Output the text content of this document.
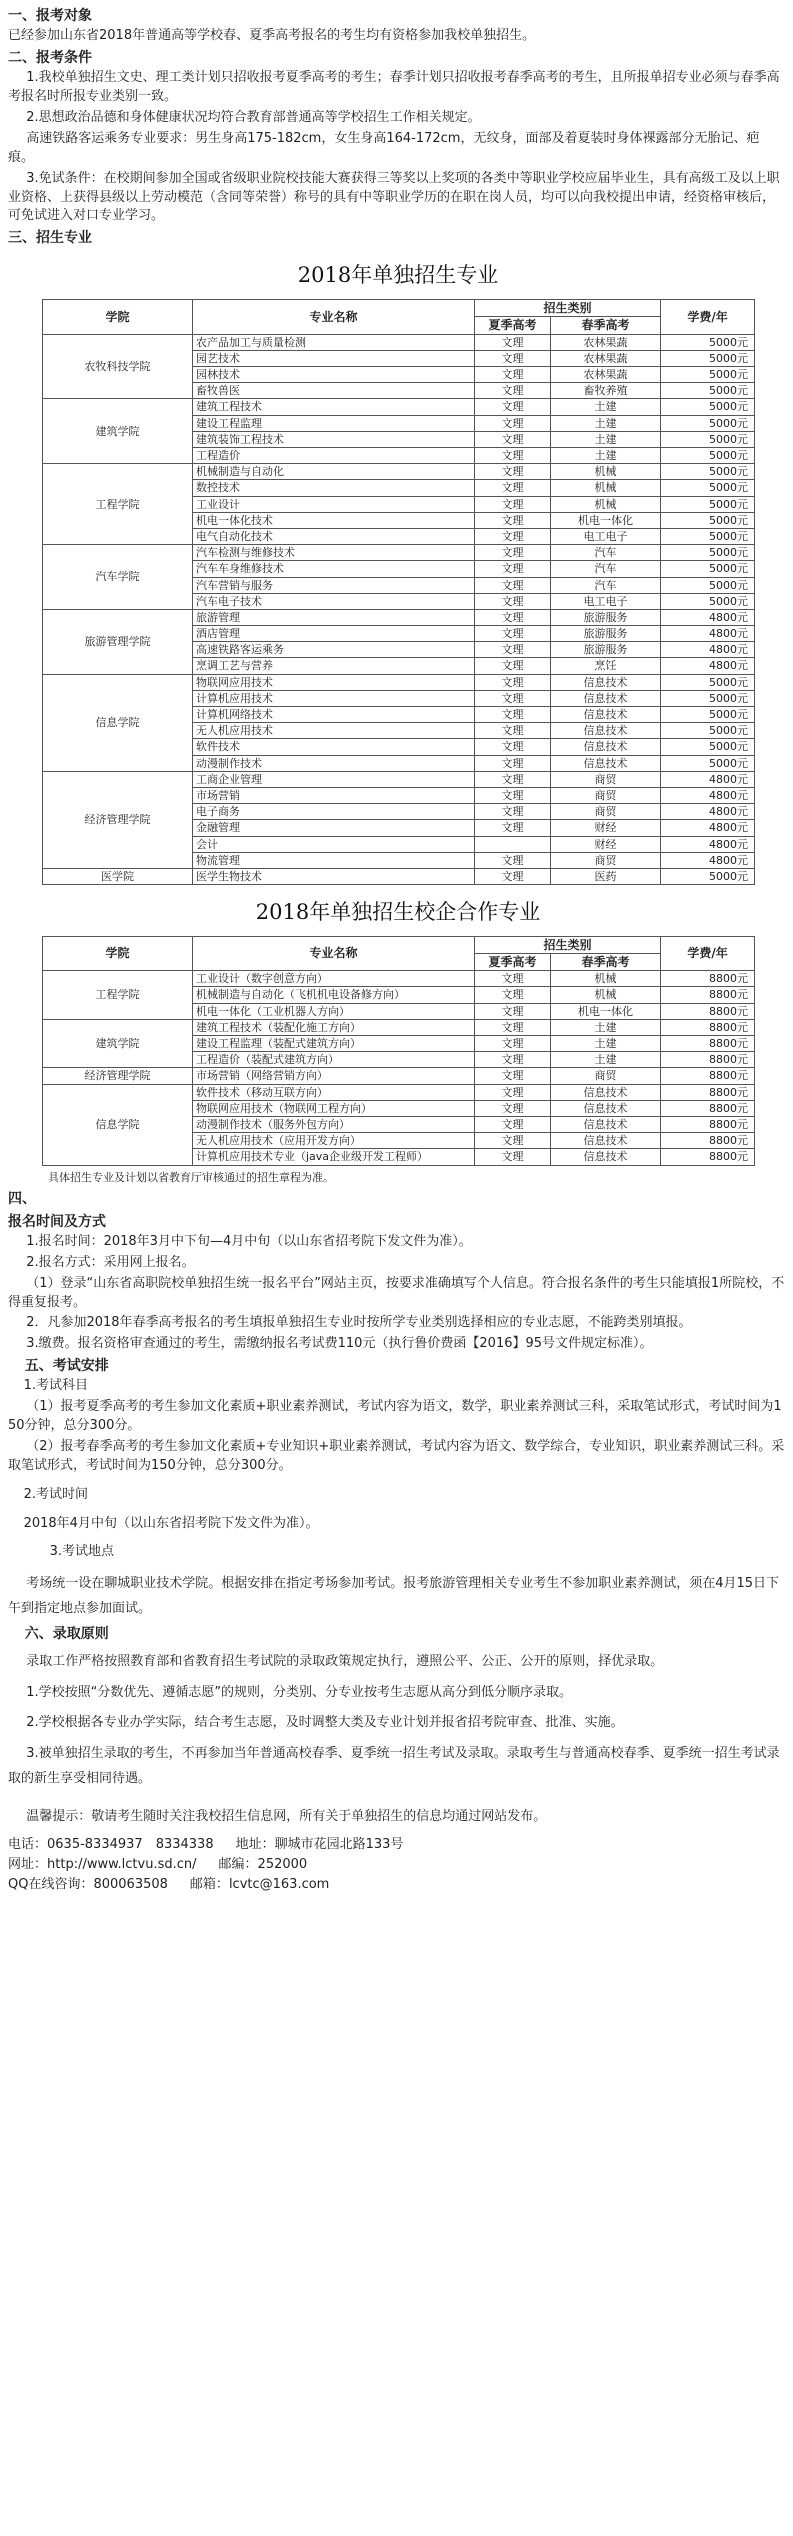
一、报考对象
已经参加山东省2018年普通高等学校春、夏季高考报名的考生均有资格参加我校单独招生。
二、报考条件
1.我校单独招生文史、理工类计划只招收报考夏季高考的考生；春季计划只招收报考春季高考的考生，且所报单招专业必须与春季高考报名时所报专业类别一致。
2.思想政治品德和身体健康状况均符合教育部普通高等学校招生工作相关规定。
高速铁路客运乘务专业要求：男生身高175-182cm，女生身高164-172cm，无纹身，面部及着夏装时身体裸露部分无胎记、疤痕。
3.免试条件：在校期间参加全国或省级职业院校技能大赛获得三等奖以上奖项的各类中等职业学校应届毕业生，具有高级工及以上职业资格、上获得县级以上劳动模范（含同等荣誉）称号的具有中等职业学历的在职在岗人员，均可以向我校提出申请，经资格审核后，可免试进入对口专业学习。
三、招生专业
2018年单独招生专业
学院	专业名称	招生类别		学费/年
		夏季高考	春季高考	
农牧科技学院	农产品加工与质量检测	文理	农林果蔬	5000元
	园艺技术	文理	农林果蔬	5000元
	园林技术	文理	农林果蔬	5000元
	畜牧兽医	文理	畜牧养殖	5000元
建筑学院	建筑工程技术	文理	土建	5000元
	建设工程监理	文理	土建	5000元
	建筑装饰工程技术	文理	土建	5000元
	工程造价	文理	土建	5000元
工程学院	机械制造与自动化	文理	机械	5000元
	数控技术	文理	机械	5000元
	工业设计	文理	机械	5000元
	机电一体化技术	文理	机电一体化	5000元
	电气自动化技术	文理	电工电子	5000元
汽车学院	汽车检测与维修技术	文理	汽车	5000元
	汽车车身维修技术	文理	汽车	5000元
	汽车营销与服务	文理	汽车	5000元
	汽车电子技术	文理	电工电子	5000元
旅游管理学院	旅游管理	文理	旅游服务	4800元
	酒店管理	文理	旅游服务	4800元
	高速铁路客运乘务	文理	旅游服务	4800元
	烹调工艺与营养	文理	烹饪	4800元
信息学院	物联网应用技术	文理	信息技术	5000元
	计算机应用技术	文理	信息技术	5000元
	计算机网络技术	文理	信息技术	5000元
	无人机应用技术	文理	信息技术	5000元
	软件技术	文理	信息技术	5000元
	动漫制作技术	文理	信息技术	5000元
经济管理学院	工商企业管理	文理	商贸	4800元
	市场营销	文理	商贸	4800元
	电子商务	文理	商贸	4800元
	金融管理	文理	财经	4800元
	会计		财经	4800元
	物流管理	文理	商贸	4800元
医学院	医学生物技术	文理	医药	5000元
2018年单独招生校企合作专业
学院	专业名称	招生类别		学费/年
		夏季高考	春季高考	
工程学院	工业设计（数字创意方向）	文理	机械	8800元
	机械制造与自动化（飞机机电设备修方向）	文理	机械	8800元
	机电一体化（工业机器人方向）	文理	机电一体化	8800元
建筑学院	建筑工程技术（装配化施工方向）	文理	土建	8800元
	建设工程监理（装配式建筑方向）	文理	土建	8800元
	工程造价（装配式建筑方向）	文理	土建	8800元
经济管理学院	市场营销（网络营销方向）	文理	商贸	8800元
信息学院	软件技术（移动互联方向）	文理	信息技术	8800元
	物联网应用技术（物联网工程方向）	文理	信息技术	8800元
	动漫制作技术（服务外包方向）	文理	信息技术	8800元
	无人机应用技术（应用开发方向）	文理	信息技术	8800元
	计算机应用技术专业（java企业级开发工程师）	文理	信息技术	8800元
具体招生专业及计划以省教育厅审核通过的招生章程为准。
四、
报名时间及方式
1.报名时间：2018年3月中下旬—4月中旬（以山东省招考院下发文件为准）。
2.报名方式：采用网上报名。
（1）登录“山东省高职院校单独招生统一报名平台”网站主页，按要求准确填写个人信息。符合报名条件的考生只能填报1所院校，不得重复报考。
2．凡参加2018年春季高考报名的考生填报单独招生专业时按所学专业类别选择相应的专业志愿，不能跨类别填报。
3.缴费。报名资格审查通过的考生，需缴纳报名考试费110元（执行鲁价费函【2016】95号文件规定标准）。
五、考试安排
1.考试科目
（1）报考夏季高考的考生参加文化素质+职业素养测试，考试内容为语文，数学，职业素养测试三科，采取笔试形式，考试时间为150分钟，总分300分。
（2）报考春季高考的考生参加文化素质+专业知识+职业素养测试，考试内容为语文、数学综合，专业知识，职业素养测试三科。采取笔试形式，考试时间为150分钟，总分300分。
2.考试时间
2018年4月中旬（以山东省招考院下发文件为准）。
3.考试地点
考场统一设在聊城职业技术学院。根据安排在指定考场参加考试。报考旅游管理相关专业考生不参加职业素养测试，须在4月15日下午到指定地点参加面试。
六、录取原则
录取工作严格按照教育部和省教育招生考试院的录取政策规定执行，遵照公平、公正、公开的原则，择优录取。
1.学校按照“分数优先、遵循志愿”的规则，分类别、分专业按考生志愿从高分到低分顺序录取。
2.学校根据各专业办学实际，结合考生志愿，及时调整大类及专业计划并报省招考院审查、批准、实施。
3.被单独招生录取的考生，不再参加当年普通高校春季、夏季统一招生考试及录取。录取考生与普通高校春季、夏季统一招生考试录取的新生享受相同待遇。
温馨提示：敬请考生随时关注我校招生信息网，所有关于单独招生的信息均通过网站发布。
电话：0635-8334937　8334338 地址：聊城市花园北路133号
网址：http://www.lctvu.sd.cn/ 邮编：252000
QQ在线咨询：800063508 邮箱：lcvtc@163.com
